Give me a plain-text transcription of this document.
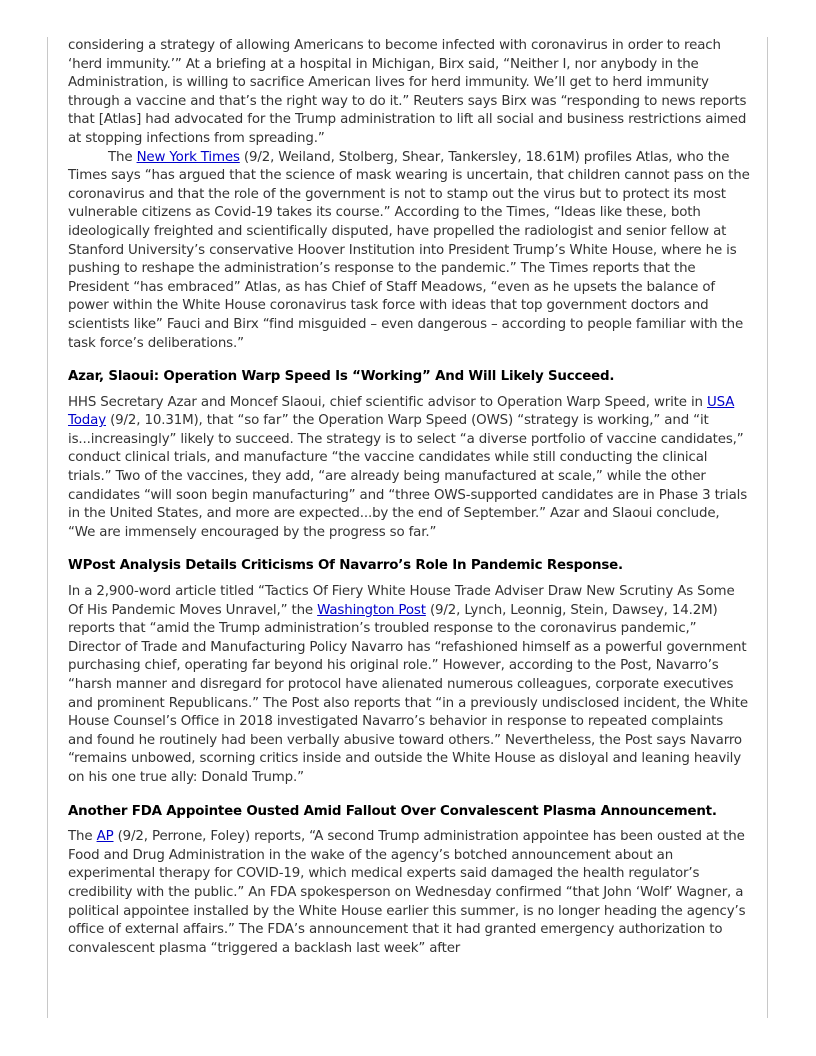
considering a strategy of allowing Americans to become infected with coronavirus in order to reach ‘herd immunity.’” At a briefing at a hospital in Michigan, Birx said, “Neither I, nor anybody in the Administration, is willing to sacrifice American lives for herd immunity. We’ll get to herd immunity through a vaccine and that’s the right way to do it.” Reuters says Birx was “responding to news reports that [Atlas] had advocated for the Trump administration to lift all social and business restrictions aimed at stopping infections from spreading.”

The New York Times (9/2, Weiland, Stolberg, Shear, Tankersley, 18.61M) profiles Atlas, who the Times says “has argued that the science of mask wearing is uncertain, that children cannot pass on the coronavirus and that the role of the government is not to stamp out the virus but to protect its most vulnerable citizens as Covid-19 takes its course.” According to the Times, “Ideas like these, both ideologically freighted and scientifically disputed, have propelled the radiologist and senior fellow at Stanford University’s conservative Hoover Institution into President Trump’s White House, where he is pushing to reshape the administration’s response to the pandemic.” The Times reports that the President “has embraced” Atlas, as has Chief of Staff Meadows, “even as he upsets the balance of power within the White House coronavirus task force with ideas that top government doctors and scientists like” Fauci and Birx “find misguided – even dangerous – according to people familiar with the task force’s deliberations.”

Azar, Slaoui: Operation Warp Speed Is “Working” And Will Likely Succeed.

HHS Secretary Azar and Moncef Slaoui, chief scientific advisor to Operation Warp Speed, write in USA Today (9/2, 10.31M), that “so far” the Operation Warp Speed (OWS) “strategy is working,” and “it is...increasingly” likely to succeed. The strategy is to select “a diverse portfolio of vaccine candidates,” conduct clinical trials, and manufacture “the vaccine candidates while still conducting the clinical trials.” Two of the vaccines, they add, “are already being manufactured at scale,” while the other candidates “will soon begin manufacturing” and “three OWS-supported candidates are in Phase 3 trials in the United States, and more are expected...by the end of September.” Azar and Slaoui conclude, “We are immensely encouraged by the progress so far.”

WPost Analysis Details Criticisms Of Navarro’s Role In Pandemic Response.

In a 2,900-word article titled “Tactics Of Fiery White House Trade Adviser Draw New Scrutiny As Some Of His Pandemic Moves Unravel,” the Washington Post (9/2, Lynch, Leonnig, Stein, Dawsey, 14.2M) reports that “amid the Trump administration’s troubled response to the coronavirus pandemic,” Director of Trade and Manufacturing Policy Navarro has “refashioned himself as a powerful government purchasing chief, operating far beyond his original role.” However, according to the Post, Navarro’s “harsh manner and disregard for protocol have alienated numerous colleagues, corporate executives and prominent Republicans.” The Post also reports that “in a previously undisclosed incident, the White House Counsel’s Office in 2018 investigated Navarro’s behavior in response to repeated complaints and found he routinely had been verbally abusive toward others.” Nevertheless, the Post says Navarro “remains unbowed, scorning critics inside and outside the White House as disloyal and leaning heavily on his one true ally: Donald Trump.”

Another FDA Appointee Ousted Amid Fallout Over Convalescent Plasma Announcement.

The AP (9/2, Perrone, Foley) reports, “A second Trump administration appointee has been ousted at the Food and Drug Administration in the wake of the agency’s botched announcement about an experimental therapy for COVID-19, which medical experts said damaged the health regulator’s credibility with the public.” An FDA spokesperson on Wednesday confirmed “that John ‘Wolf’ Wagner, a political appointee installed by the White House earlier this summer, is no longer heading the agency’s office of external affairs.” The FDA’s announcement that it had granted emergency authorization to convalescent plasma “triggered a backlash last week” after
